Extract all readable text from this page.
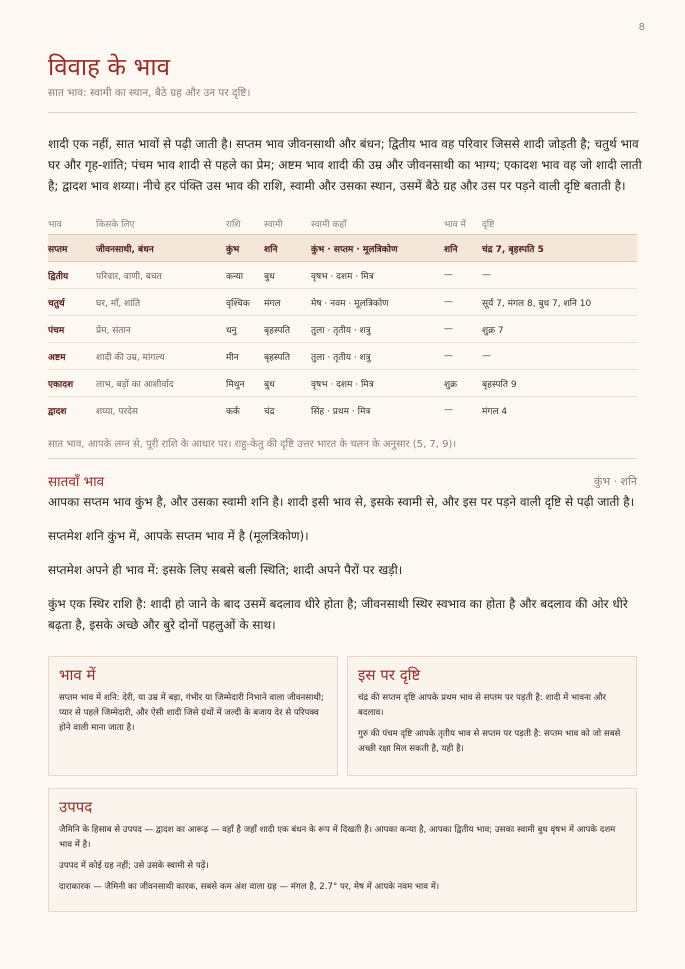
8
विवाह के भाव
सात भाव: स्वामी का स्थान, बैठे ग्रह और उन पर दृष्टि।
शादी एक नहीं, सात भावों से पढ़ी जाती है। सप्तम भाव जीवनसाथी और बंधन; द्वितीय भाव वह परिवार जिससे शादी जोड़ती है; चतुर्थ भाव घर और गृह-शांति; पंचम भाव शादी से पहले का प्रेम; अष्टम भाव शादी की उम्र और जीवनसाथी का भाग्य; एकादश भाव वह जो शादी लाती है; द्वादश भाव शय्या। नीचे हर पंक्ति उस भाव की राशि, स्वामी और उसका स्थान, उसमें बैठे ग्रह और उस पर पड़ने वाली दृष्टि बताती है।
भाव	किसके लिए	राशि	स्वामी	स्वामी कहाँ	भाव में	दृष्टि
सप्तम	जीवनसाथी, बंधन	कुंभ	शनि	कुंभ · सप्तम · मूलत्रिकोण	शनि	चंद्र 7, बृहस्पति 5
द्वितीय	परिवार, वाणी, बचत	कन्या	बुध	वृषभ · दशम · मित्र	—	—
चतुर्थ	घर, माँ, शांति	वृश्चिक	मंगल	मेष · नवम · मूलत्रिकोण	—	सूर्य 7, मंगल 8, बुध 7, शनि 10
पंचम	प्रेम, संतान	धनु	बृहस्पति	तुला · तृतीय · शत्रु	—	शुक्र 7
अष्टम	शादी की उम्र, मांगल्य	मीन	बृहस्पति	तुला · तृतीय · शत्रु	—	—
एकादश	लाभ, बड़ों का आशीर्वाद	मिथुन	बुध	वृषभ · दशम · मित्र	शुक्र	बृहस्पति 9
द्वादश	शय्या, परदेस	कर्क	चंद्र	सिंह · प्रथम · मित्र	—	मंगल 4
सात भाव, आपके लग्न से, पूरी राशि के आधार पर। राहु-केतु की दृष्टि उत्तर भारत के चलन के अनुसार (5, 7, 9)।
सातवाँ भाव	कुंभ · शनि

आपका सप्तम भाव कुंभ है, और उसका स्वामी शनि है। शादी इसी भाव से, इसके स्वामी से, और इस पर पड़ने वाली दृष्टि से पढ़ी जाती है।

सप्तमेश शनि कुंभ में, आपके सप्तम भाव में है (मूलत्रिकोण)।

सप्तमेश अपने ही भाव में: इसके लिए सबसे बली स्थिति; शादी अपने पैरों पर खड़ी।

कुंभ एक स्थिर राशि है: शादी हो जाने के बाद उसमें बदलाव धीरे होता है; जीवनसाथी स्थिर स्वभाव का होता है और बदलाव की ओर धीरे बढ़ता है, इसके अच्छे और बुरे दोनों पहलुओं के साथ।

भाव में

सप्तम भाव में शनि: देरी, या उम्र में बड़ा, गंभीर या जिम्मेदारी निभाने वाला जीवनसाथी; प्यार से पहले जिम्मेदारी, और ऐसी शादी जिसे ग्रंथों में जल्दी के बजाय देर से परिपक्व होने वाली माना जाता है।

इस पर दृष्टि

चंद्र की सप्तम दृष्टि आपके प्रथम भाव से सप्तम पर पड़ती है: शादी में भावना और बदलाव।

गुरु की पंचम दृष्टि आपके तृतीय भाव से सप्तम पर पड़ती है: सप्तम भाव को जो सबसे अच्छी रक्षा मिल सकती है, यही है।

उपपद

जैमिनि के हिसाब से उपपद — द्वादश का आरूढ़ — वहाँ है जहाँ शादी एक बंधन के रूप में दिखती है। आपका कन्या है, आपका द्वितीय भाव; उसका स्वामी बुध वृषभ में आपके दशम भाव में है।

उपपद में कोई ग्रह नहीं; उसे उसके स्वामी से पढ़ें।

दाराकारक — जैमिनी का जीवनसाथी कारक, सबसे कम अंश वाला ग्रह — मंगल है, 2.7° पर, मेष में आपके नवम भाव में।
